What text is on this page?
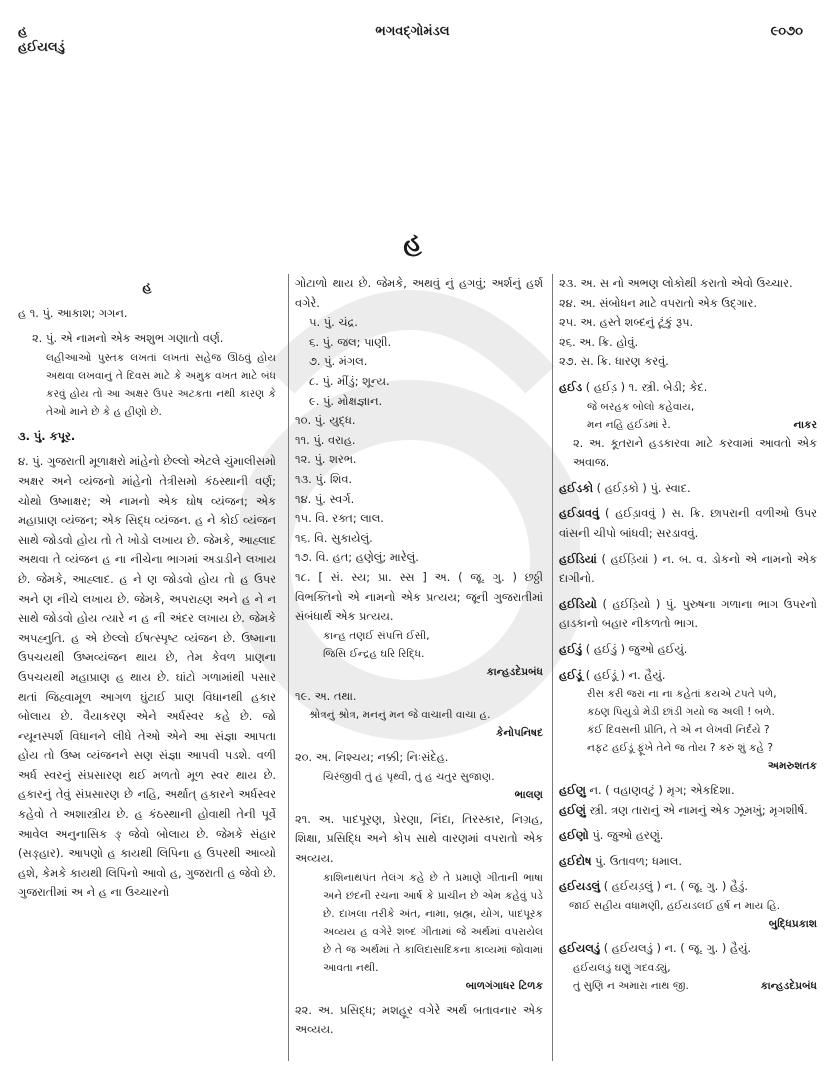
હ
હઈયલડું
ભગવદ્ગોમંડલ	૯૦૭૦
હ
હ
હ ૧. પું. આકાશ; ગગન.
૨. પું. એ નામનો એક અશુભ ગણાતો વર્ણ.
લહીઆઓ પુસ્તક લખતાં લખતાં સહેજ ઊઠવું હોય અથવા લખવાનું તે દિવસ માટે કે અમુક વખત માટે બંધ કરવું હોય તો આ અક્ષર ઉપર અટકતા નથી કારણ કે તેઓ માને છે કે હ હીણો છે.
૩. પું. કપૂર.
૪. પું. ગુજરાતી મૂળાક્ષરો માંહેનો છેલ્લો એટલે ચુંમાલીસમો અક્ષર અને વ્યંજનો માંહેનો તેત્રીસમો કંઠસ્થાની વર્ણ; ચોથો ઉષ્માક્ષર; એ નામનો એક ઘોષ વ્યંજન; એક મહાપ્રાણ વ્યંજન; એક સિદ્ધ વ્યંજન. હ ને કોઈ વ્યંજન સાથે જોડવો હોય તો તે ખોડો લખાય છે. જેમકે, આહ્લાદ અથવા તે વ્યંજન હ ના નીચેના ભાગમાં અડાડીને લખાય છે. જેમકે, આહ્લાદ. હ ને ણ જોડવો હોય તો હ ઉપર અને ણ નીચે લખાય છે. જેમકે, અપરાહ્ણ અને હ ને ન સાથે જોડવો હોય ત્યારે ન હ ની અંદર લખાય છે. જેમકે અપહ્નુતિ. હ એ છેલ્લો ઈષત્સ્પૃષ્ટ વ્યંજન છે. ઉષ્માના ઉપચયથી ઉષ્મવ્યંજન થાય છે, તેમ કેવળ પ્રાણના ઉપચયથી મહાપ્રાણ હ થાય છે. ઘાંટો ગળામાંથી પસાર થતાં જિહ્વામૂળ આગળ ઘુંટાઈ પ્રાણ વિધાનથી હકાર બોલાય છે. વૈયાકરણ એને અર્ધસ્વર કહે છે. જો ન્યૂનસ્પર્શ વિધાનને લીધે તેઓ એને આ સંજ્ઞા આપતા હોય તો ઉષ્મ વ્યંજનને સણ સંજ્ઞા આપવી પડશે. વળી અર્ધ સ્વરનું સંપ્રસારણ થઈ મળતો મૂળ સ્વર થાય છે. હકારનું તેવું સંપ્રસારણ છે નહિ, અર્થાત્ હકારને અર્ધસ્વર કહેવો તે અશાસ્ત્રીય છે. હ કંઠસ્થાની હોવાથી તેની પૂર્વે આવેલ અનુનાસિક ઙ્ જેવો બોલાય છે. જેમકે સંહાર (સઙ્હાર). આપણો હ કાયથી લિપિના હ ઉપરથી આવ્યો હશે, કેમકે કાયથી લિપિનો આવો હ, ગુજરાતી હ જેવો છે. ગુજરાતીમાં અ ને હ ના ઉચ્ચારનો
ગોટાળો થાય છે. જેમકે, અથવું નું હગવું; અર્શનું હર્શ વગેરે.
૫. પું. ચંદ્ર.
૬. પું. જલ; પાણી.
૭. પું. મંગલ.
૮. પું. મીંડું; શૂન્ય.
૯. પું. મોક્ષજ્ઞાન.
૧૦. પું. યુદ્ધ.
૧૧. પું. વરાહ.
૧૨. પું. શરભ.
૧૩. પું. શિવ.
૧૪. પું. સ્વર્ગ.
૧૫. વિ. રક્ત; લાલ.
૧૬. વિ. સુકાયેલું.
૧૭. વિ. હત; હણેલું; મારેલું.
૧૮. [ સં. સ્ય; પ્રા. સ્સ ] અ. ( જૂ. ગુ. ) છઠ્ઠી વિભક્તિનો એ નામનો એક પ્રત્યય; જૂની ગુજરાતીમાં સંબંધાર્થ એક પ્રત્યય.
કાન્હ તણઈ સંપત્તિ ઈસી,
જિસિ ઈન્દ્રહ ઘરિ રિદ્ધિ.
કાન્હડદેપ્રબંધ
૧૯. અ. તથા.
શ્રોત્રનું શ્રોત્ર, મનનું મન જે વાચાની વાચા હ.
કેનોપનિષદ
૨૦. અ. નિશ્ચય; નક્કી; નિઃસંદેહ.
ચિરંજીવી તું હ પૃથ્વી, તું હ ચતુર સુજાણ.
ભાલણ
૨૧. અ. પાદપૂરણ, પ્રેરણા, નિંદા, તિરસ્કાર, નિગ્રહ, શિક્ષા, પ્રસિદ્ધિ અને કોપ સાથે વારણમાં વપરાતો એક અવ્યય.
કાશિનાથપંત તેલંગ કહે છે તે પ્રમાણે ગીતાની ભાષા અને છંદની રચના આર્ષ કે પ્રાચીન છે એમ કહેવું પડે છે. દાખલા તરીકે અંત, નામા, બ્રહ્મ, યોગ, પાદપૂરક અવ્યય હ વગેરે શબ્દ ગીતામાં જે અર્થમાં વપરાયેલ છે તે જ અર્થમાં તે કાલિદાસાદિકના કાવ્યમાં જોવામાં આવતા નથી.
બાળગંગાધર ટિળક
૨૨. અ. પ્રસિદ્ધ; મશહૂર વગેરે અર્થ બતાવનાર એક અવ્યય.
૨૩. અ. સ નો અભણ લોકોથી કરાતો એવો ઉચ્ચાર.
૨૪. અ. સંબોધન માટે વપરાતો એક ઉદ્ગાર.
૨૫. અ. હસ્તે શબ્દનું ટૂંકું રૂપ.
૨૬. અ. ક્રિ. હોવું.
૨૭. સ. ક્રિ. ધારણ કરવું.
હઈડ ( હઈડ઼ ) ૧. સ્ત્રી. બેડી; કેદ.
જે બરહક બોલો કહેવાય,
મન નહિ હઈડમાં રે.	નાકર
૨. અ. કૂતરાને હડકારવા માટે કરવામાં આવતો એક અવાજ.
હઈડકો ( હઈડ઼કો ) પું. સ્વાદ.
હઈડાવવું ( હઈડ઼ાવવું ) સ. ક્રિ. છાપરાની વળીઓ ઉપર વાંસની ચીપો બાંધવી; સરડાવવું.
હઈડિયાં ( હઈડ઼િયાં ) ન. બ. વ. ડોકનો એ નામનો એક દાગીનો.
હઈડિયો ( હઈડ઼િયો ) પું. પુરુષના ગળાના ભાગ ઉપરનો હાડકાનો બહાર નીકળતો ભાગ.
હઈડું ( હઈડ઼ું ) જુઓ હઈયું.
હઈડૂં ( હઈડ઼ૂં ) ન. હૈયું.
રીસ કરી જરા ના ના કહેતાં કયએ ટપતે પળે,
કઠણ પિયુડો મેડી છાંડી ગયો જ અલી ! બળે.
કંઈ દિવસની પ્રીતિ, તે એ ન લેખવી નિર્દયે ?
નફટ હઈડૂં ફૂંખે તેને જ તોય ? કરું શું કહે ?
અમરુશતક
હઈણુ ન. ( વહાણવટું ) મૃગ; એકદિશા.
હઈણું સ્ત્રી. ત્રણ તારાનું એ નામનું એક ઝૂમખું; મૃગશીર્ષ.
હઈણો પું. જુઓ હરણું.
હઈદોષ પું. ઉતાવળ; ધમાલ.
હઈયડલું ( હઈયડ઼લું ) ન. ( જૂ. ગુ. ) હૈડું.
જાઈ સહીય વધામણી, હઈયડલઈ હર્ષ ન માય હિ.
બુદ્ધિપ્રકાશ
હઈયલડું ( હઈયલડ઼ું ) ન. ( જૂ. ગુ. ) હૈયું.
હઈયલડું ઘણું ગદવડ્યું,
તું સુણિ ન અમારા નાથ જી.	કાન્હડદેપ્રબંધ
